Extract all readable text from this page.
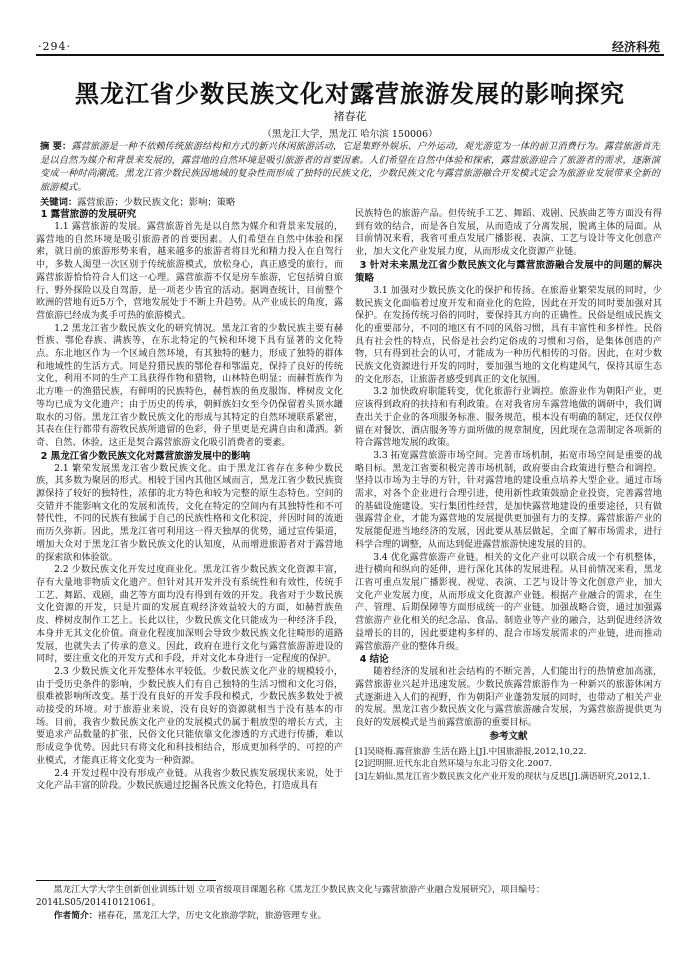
·294·	经济科苑
黑龙江省少数民族文化对露营旅游发展的影响探究
褚春花
（黑龙江大学，黑龙江 哈尔滨 150006）
摘 要：露营旅游是一种不依赖传统旅游结构和方式的新兴休闲旅游活动，它是集野外娱乐、户外运动，观光游览为一体的前卫消费行为。露营旅游首先是以自然为媒介和背景来发展的，露营地的自然环境是吸引旅游者的首要因素。人们希望在自然中体验和探索，露营旅游迎合了旅游者的需求，逐渐演变成一种时尚潮流。黑龙江省少数民族因地域的复杂性而形成了独特的民族文化，少数民族文化与露营旅游融合开发模式定会为旅游业发展带来全新的旅游模式。
关键词：露营旅游；少数民族文化；影响；策略
1 露营旅游的发展研究

1.1 露营旅游的发展。露营旅游首先是以自然为媒介和背景来发展的，露营地的自然环境是吸引旅游者的首要因素。人们希望在自然中体验和探索，就日前的旅游形势来看，越来越多的旅游者将目光和精力投入在自驾行中，多数人渴望一次区别于传统旅游模式，放松身心，真正感受的旅行，而露营旅游恰恰符合人们这一心理。露营旅游不仅是房车旅游，它包括骑自旅行、野外探险以及自驾游，是一项老少皆宜的活动。据调查统计，目前整个欧洲的营地有近5万个，营地发展处于不断上升趋势。从产业成长的角度，露营旅游已经成为炙手可热的旅游模式。

1.2 黑龙江省少数民族文化的研究情况。黑龙江省的少数民族主要有赫哲族、鄂伦春族、满族等，在东北特定的气候和环境下具有显著的文化特点。东北地区作为一个区域自然环境，有其独特的魅力，形成了独特的群体和地域性的生活方式。同是狩猎民族的鄂伦春和鄂温克，保持了良好的传统文化，利用不同的生产工具获得作物和猎物，山林特色明显；而赫哲族作为北方唯一的渔猎民族，有鲜明的民族特色，赫哲族的鱼皮服饰、桦树皮文化等均已成为文化遗产；由于历史的传承，朝鲜族妇女至今仍保留着头顶水罐取水的习俗。黑龙江省少数民族文化的形成与其特定的自然环境联系紧密，其表在住行都带有游牧民族所遗留的色彩，骨子里更是充满自由和潇洒。新奇、自然、休验，这正是契合露营旅游文化吸引消费者的要素。

2 黑龙江省少数民族文化对露营旅游发展中的影响

2.1 繁荣发展黑龙江省少数民族文化。由于黑龙江省存在多种少数民族，其多数为聚居的形式。相较于国内其他区域而言，黑龙江省少数民族资源保持了较好的独特性，浓郁的北方特色和较为完整的原生态特色。空间的交错并不能影响文化的发展和流传，文化在特定的空间内有其独特性和不可替代性，不同的民族有独属于自己的民族性格和文化积淀，并因时间的流逝而历久弥新。因此，黑龙江省可利用这一得天独厚的优势，通过宣传渠道，增加大众对于黑龙江省少数民族文化的认知度，从而增进旅游者对于露营地的探索欲和体验欲。

2.2 少数民族文化开发过度商业化。黑龙江省少数民族文化资源丰富，存有大量地非物质文化遗产。但针对其开发并没有系统性和有效性，传统手工艺、舞蹈、戏剧，曲艺等方面均没有得到有效的开发。我省对于少数民族文化资源的开发，只是片面的发展直观经济效益较大的方面，如赫哲族鱼皮、桦树皮制作工艺上。长此以往，少数民族文化只能成为一种经济手段，本身并无其文化价值。商业化程度加深则会导致少数民族文化往畸形的道路发展，也就失去了传承的意义。因此，政府在进行文化与露营旅游游进设的同时，要注重文化的开发方式和手段，并对文化本身进行一定程度的保护。

2.3 少数民族文化开发整体水平较低。少数民族文化产业的规模较小，由于受历史条件的影响，少数民族人们有自己独特的生活习惯和文化习俗，很难被影响所改变。基于没有良好的开发手段和模式，少数民族多数处于被动接受的环境。对于旅游业来说，没有良好的资源就相当于没有基本的市场。目前，我省少数民族文化产业的发展模式仍属于粗放型的增长方式，主要追求产品数量的扩张，民俗文化只能依靠文化渗透的方式进行传播，难以形成竞争优势。因此只有将文化和科技相结合，形成更加科学的、可控的产业模式，才能真正将文化变为一种资源。

2.4 开发过程中没有形成产业链。从我省少数民族发展现状来说，处于文化产品丰富的阶段。少数民族通过挖掘各民族文化特色，打造成具有

民族特色的旅游产品。但传统手工艺、舞蹈、戏剧、民族曲艺等方面没有得到有效的结合，而是各自发展，从而造成了分离发展，脱离主体的局面。从目前情况来看，我省可重点发展广播影视、表演、工艺与设计等文化创意产业，加大文化产业发展力度，从而形成文化资源产业链。

3 针对未来黑龙江省少数民族文化与露营旅游融合发展中的问题的解决策略

3.1 加强对少数民族文化的保护和传扬。在旅游业繁荣发展的同时，少数民族文化面临着过度开发和商业化的危险，因此在开发的同时要加强对其保护。在发扬传统习俗的同时，要保持其方向的正确性。民俗是组成民族文化的重要部分，不同的地区有不同的风俗习惯，具有丰富性和多样性。民俗具有社会性的特点，民俗是社会约定俗成的习惯和习俗，是集体创造的产物，只有得到社会的认可，才能成为一种历代相传的习俗。因此，在对少数民族文化资源进行开发的同时，要加强当地的文化构建风气，保持其原生态的文化形态，让旅游者感受到真正的文化氛围。

3.2 加快政府职能转变，优化旅游行业调控。旅游业作为朝阳产业，更应该得到政府的扶持和有利政策。在对我省房车露营地做的调研中，我们调查出关于企业的各项服务标准、服务规范，根本没有明确的制定，还仅仅停留在对餐饮、酒店服务等方面所做的规章制度，因此现在急需制定各项新的符合露营地发展的政策。

3.3 拓宽露营旅游市场空间。完善市场机制，拓宽市场空间是重要的战略目标。黑龙江省要积极完善市场机制，政府要由合政策进行整合和调控。坚持以市场为主导的方针，针对露营地的建设重点培养大型企业。通过市场需求，对各个企业进行合理引进，使用新性政策鼓励企业投资，完善露营地的基础设施建设。实行集团性经营，是加快露营地建设的重要途径，只有做强露营企业，才能为露营地的发展提供更加强有力的支撑。露营旅游产业的发展能促进当地经济的发展，因此要从基层做起，全面了解市场需求，进行科学合理的调整，从而达到促进露营旅游快速发展的目的。

3.4 优化露营旅游产业链。相关的文化产业可以联合成一个有机整体，进行横向和纵向的延伸，进行深化其体的发展进程。从目前情况来看，黑龙江省可重点发展广播影视、视觉、表演、工艺与设计等文化创意产业，加大文化产业发展力度，从而形成文化资源产业链。根据产业融合的需求，在生产、管理、后期保障等方面形成统一的产业链。加强战略合资，通过加强露营旅游产业化相关的纪念品、食品、制造业等产业的融合，达到促进经济效益增长的目的，因此要建构多样的、混合市场发展需求的产业链，进而推动露营旅游产业的整体升级。

4 结论

随着经济的发展和社会结构的不断完善，人们能出行的热情愈加高涨，露营旅游业兴起并迅速发展。少数民族露营旅游作为一种新兴的旅游休闲方式逐渐进入人们的视野，作为朝阳产业蓬勃发展的同时，也带动了相关产业的发展。黑龙江省少数民族文化与露营旅游融合发展，为露营旅游提供更为良好的发展模式是当前露营旅游的重要目标。

参考文献

[1]吴晓梅.露营旅游 生活在路上[J].中国旅游报,2012,10,22.

[2]迟明照.近代东北自然环境与东北习俗文化.2007.

[3]左娟仙.黑龙江省少数民族文化产业开发的现状与反思[J].满语研究,2012,1.

黑龙江大学大学生创新创业训练计划 立项省级项目课题名称《黑龙江少数民族文化与露营旅游产业融合发展研究》，项目编号：2014LS05/201410121061。
作者简介：褚春花，黑龙江大学，历史文化旅游学院，旅游管理专业。
